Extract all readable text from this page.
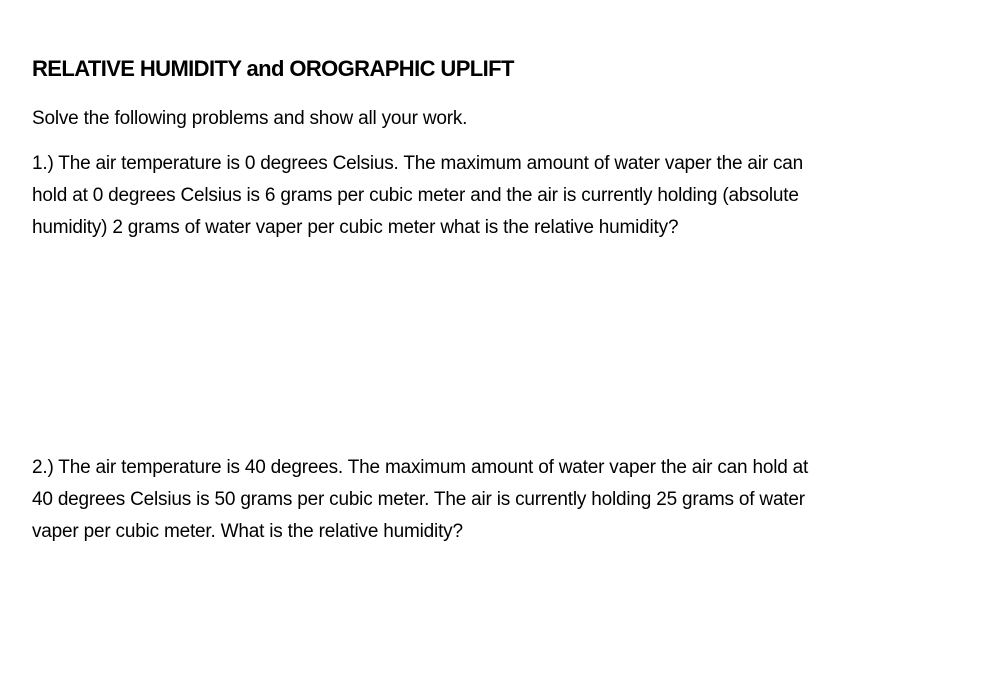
RELATIVE HUMIDITY and OROGRAPHIC UPLIFT

Solve the following problems and show all your work.

1.) The air temperature is 0 degrees Celsius. The maximum amount of water vaper the air can
hold at 0 degrees Celsius is 6 grams per cubic meter and the air is currently holding (absolute
humidity) 2 grams of water vaper per cubic meter what is the relative humidity?

2.) The air temperature is 40 degrees. The maximum amount of water vaper the air can hold at
40 degrees Celsius is 50 grams per cubic meter. The air is currently holding 25 grams of water
vaper per cubic meter. What is the relative humidity?
